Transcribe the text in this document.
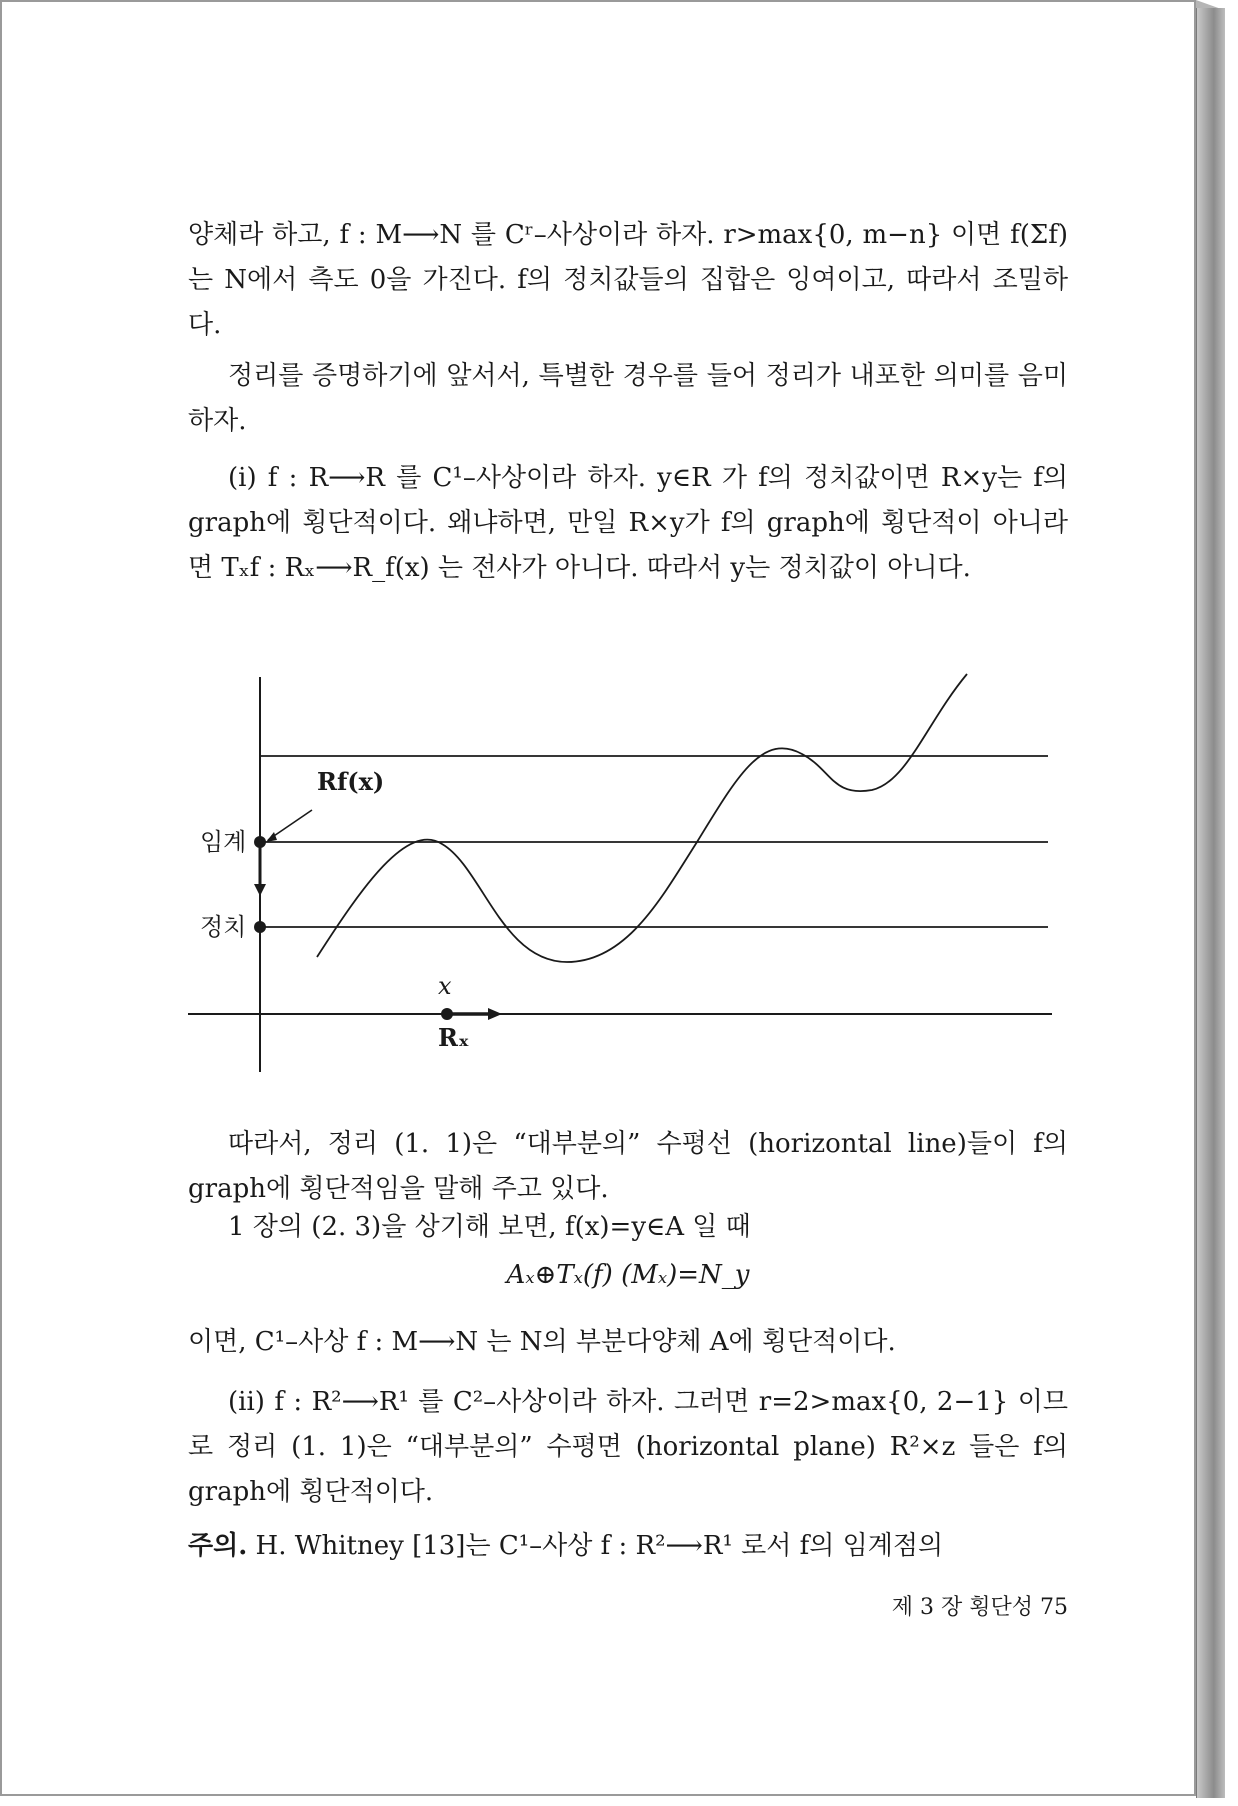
양체라 하고, f : M⟶N 를 Cʳ–사상이라 하자. r>max{0, m−n} 이면 f(Σf)는 N에서 측도 0을 가진다. f의 정치값들의 집합은 잉여이고, 따라서 조밀하다.

정리를 증명하기에 앞서서, 특별한 경우를 들어 정리가 내포한 의미를 음미하자.

(i) f : R⟶R 를 C¹–사상이라 하자. y∈R 가 f의 정치값이면 R×y는 f의 graph에 횡단적이다. 왜냐하면, 만일 R×y가 f의 graph에 횡단적이 아니라면 Tₓf : Rₓ⟶R_f(x) 는 전사가 아니다. 따라서 y는 정치값이 아니다.

Rf(x)
임계
정치
x
Rₓ

따라서, 정리 (1. 1)은 “대부분의” 수평선 (horizontal line)들이 f의 graph에 횡단적임을 말해 주고 있다.

1 장의 (2. 3)을 상기해 보면, f(x)=y∈A 일 때

Aₓ⊕Tₓ(f) (Mₓ)=N_y

이면, C¹–사상 f : M⟶N 는 N의 부분다양체 A에 횡단적이다.

(ii) f : R²⟶R¹ 를 C²–사상이라 하자. 그러면 r=2>max{0, 2−1} 이므로 정리 (1. 1)은 “대부분의” 수평면 (horizontal plane) R²×z 들은 f의 graph에 횡단적이다.

주의. H. Whitney [13]는 C¹–사상 f : R²⟶R¹ 로서 f의 임계점의

제 3 장 횡단성 75
